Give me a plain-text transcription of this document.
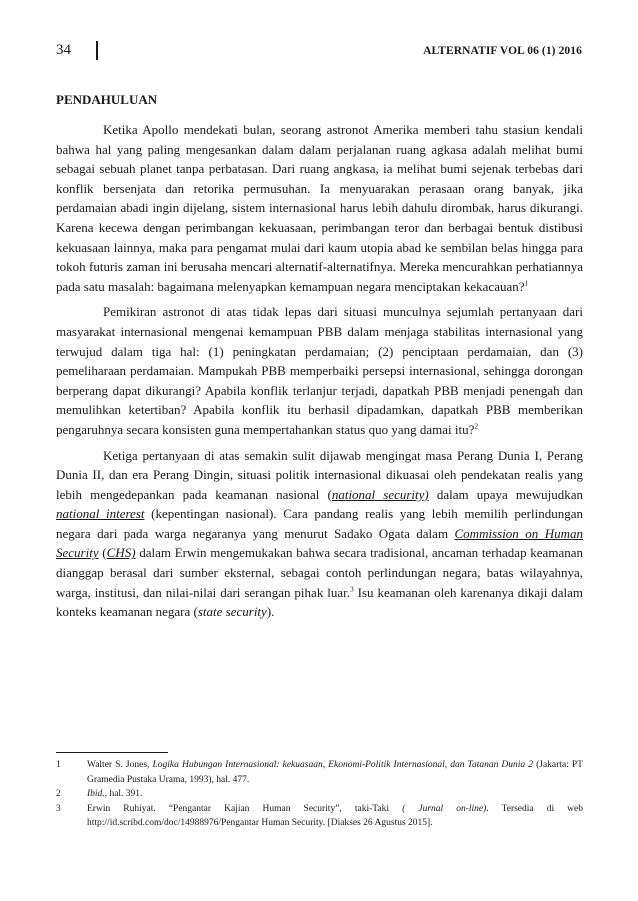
34	ALTERNATIF VOL 06 (1) 2016
PENDAHULUAN

Ketika Apollo mendekati bulan, seorang astronot Amerika memberi tahu stasiun kendali bahwa hal yang paling mengesankan dalam dalam perjalanan ruang agkasa adalah melihat bumi sebagai sebuah planet tanpa perbatasan. Dari ruang angkasa, ia melihat bumi sejenak terbebas dari konflik bersenjata dan retorika permusuhan. Ia menyuarakan perasaan orang banyak, jika perdamaian abadi ingin dijelang, sistem internasional harus lebih dahulu dirombak, harus dikurangi. Karena kecewa dengan perimbangan kekuasaan, perimbangan teror dan berbagai bentuk distibusi kekuasaan lainnya, maka para pengamat mulai dari kaum utopia abad ke sembilan belas hingga para tokoh futuris zaman ini berusaha mencari alternatif-alternatifnya. Mereka mencurahkan perhatiannya pada satu masalah: bagaimana melenyapkan kemampuan negara menciptakan kekacauan?$^1$

Pemikiran astronot di atas tidak lepas dari situasi munculnya sejumlah pertanyaan dari masyarakat internasional mengenai kemampuan PBB dalam menjaga stabilitas internasional yang terwujud dalam tiga hal: (1) peningkatan perdamaian; (2) penciptaan perdamaian, dan (3) pemeliharaan perdamaian. Mampukah PBB memperbaiki persepsi internasional, sehingga dorongan berperang dapat dikurangi? Apabila konflik terlanjur terjadi, dapatkah PBB menjadi penengah dan memulihkan ketertiban? Apabila konflik itu berhasil dipadamkan, dapatkah PBB memberikan pengaruhnya secara konsisten guna mempertahankan status quo yang damai itu?$^2$

Ketiga pertanyaan di atas semakin sulit dijawab mengingat masa Perang Dunia I, Perang Dunia II, dan era Perang Dingin, situasi politik internasional dikuasai oleh pendekatan realis yang lebih mengedepankan pada keamanan nasional (national security) dalam upaya mewujudkan national interest (kepentingan nasional). Cara pandang realis yang lebih memilih perlindungan negara dari pada warga negaranya yang menurut Sadako Ogata dalam Commission on Human Security (CHS) dalam Erwin mengemukakan bahwa secara tradisional, ancaman terhadap keamanan dianggap berasal dari sumber eksternal, sebagai contoh perlindungan negara, batas wilayahnya, warga, institusi, dan nilai-nilai dari serangan pihak luar.$^3$ Isu keamanan oleh karenanya dikaji dalam konteks keamanan negara (state security).

1	Walter S. Jones, Logika Hubungan Internasional: kekuasaan, Ekonomi-Politik Internasional, dan Tatanan Dunia 2 (Jakarta: PT Gramedia Pustaka Urama, 1993), hal. 477.
2	Ibid., hal. 391.
3	Erwin Ruhiyat. “Pengantar Kajian Human Security”, taki-Taki ( Jurnal on-line). Tersedia di web http://id.scribd.com/doc/14988976/Pengantar Human Security. [Diakses 26 Agustus 2015].
